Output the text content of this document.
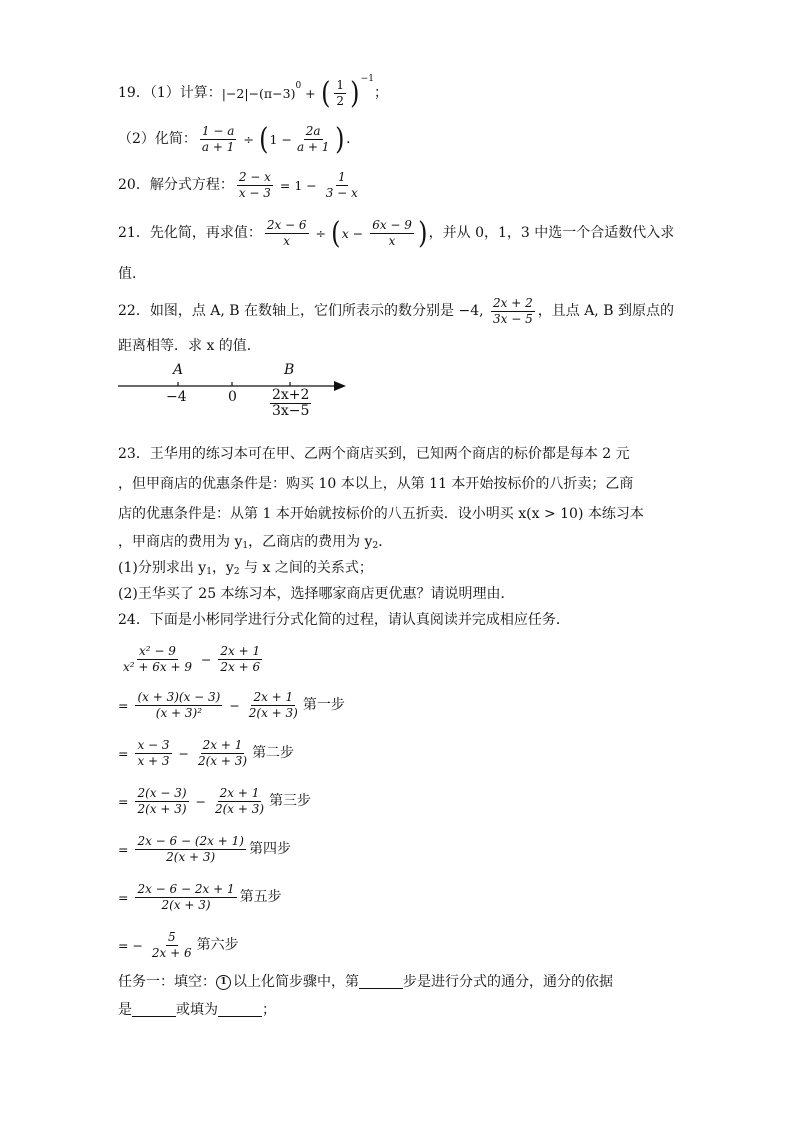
19．（1）计算： |−2|−(π−3) 0 + ( $\frac{1}{2}$ ) −1
；
（2）化简： $\frac{1 - a}{a + 1}$ ÷ ( $1 - \frac{2a}{a + 1}$ ) ．
20．解分式方程： $\frac{2 - x}{x - 3} = 1 - \frac{1}{3 - x}$
21．先化简，再求值： $\frac{2x - 6}{x}$ ÷ ( $x - \frac{6x - 9}{x}$ ) ，并从 0，1，3 中选一个合适数代入求
值．
22．如图，点 A, B 在数轴上，它们所表示的数分别是 −4, $\frac{2x + 2}{3x - 5}$ ，且点 A, B 到原点的
距离相等．求 x 的值．
A	B
−4	$0 \frac{2x+2}{3x-5}$
23．王华用的练习本可在甲、乙两个商店买到，已知两个商店的标价都是每本 2 元
，但甲商店的优惠条件是：购买 10 本以上，从第 11 本开始按标价的八折卖；乙商
店的优惠条件是：从第 1 本开始就按标价的八五折卖．设小明买 x(x > 10) 本练习本
，甲商店的费用为 y 1 ，乙商店的费用为 y 2 ．
(1)分别求出 y 1 ，y 2 与 x 之间的关系式；
(2)王华买了 25 本练习本，选择哪家商店更优惠？请说明理由．
24．下面是小彬同学进行分式化简的过程，请认真阅读并完成相应任务．
$\frac{\text{x² − 9}}{\text{x² + 6x + 9}} - \frac{2x + 1}{2x + 6}$
= $\frac{(x + 3)(x - 3)}{\text{(x + 3)²}} - \frac{2x + 1}{2(x + 3)}$ 第一步
= $\frac{x - 3}{x + 3} - \frac{2x + 1}{2(x + 3)}$ 第二步
= $\frac{2(x - 3)}{2(x + 3)} - \frac{2x + 1}{2(x + 3)}$ 第三步
= $\frac{2x - 6 - (2x + 1)}{2(x + 3)}$ 第四步
= $\frac{2x - 6 - 2x + 1}{2(x + 3)}$ 第五步
= − $\frac{5}{2x + 6}$ 第六步
任务一：填空： 1 以上化简步骤中，第	步是进行分式的通分，通分的依据
是	或填为	；
